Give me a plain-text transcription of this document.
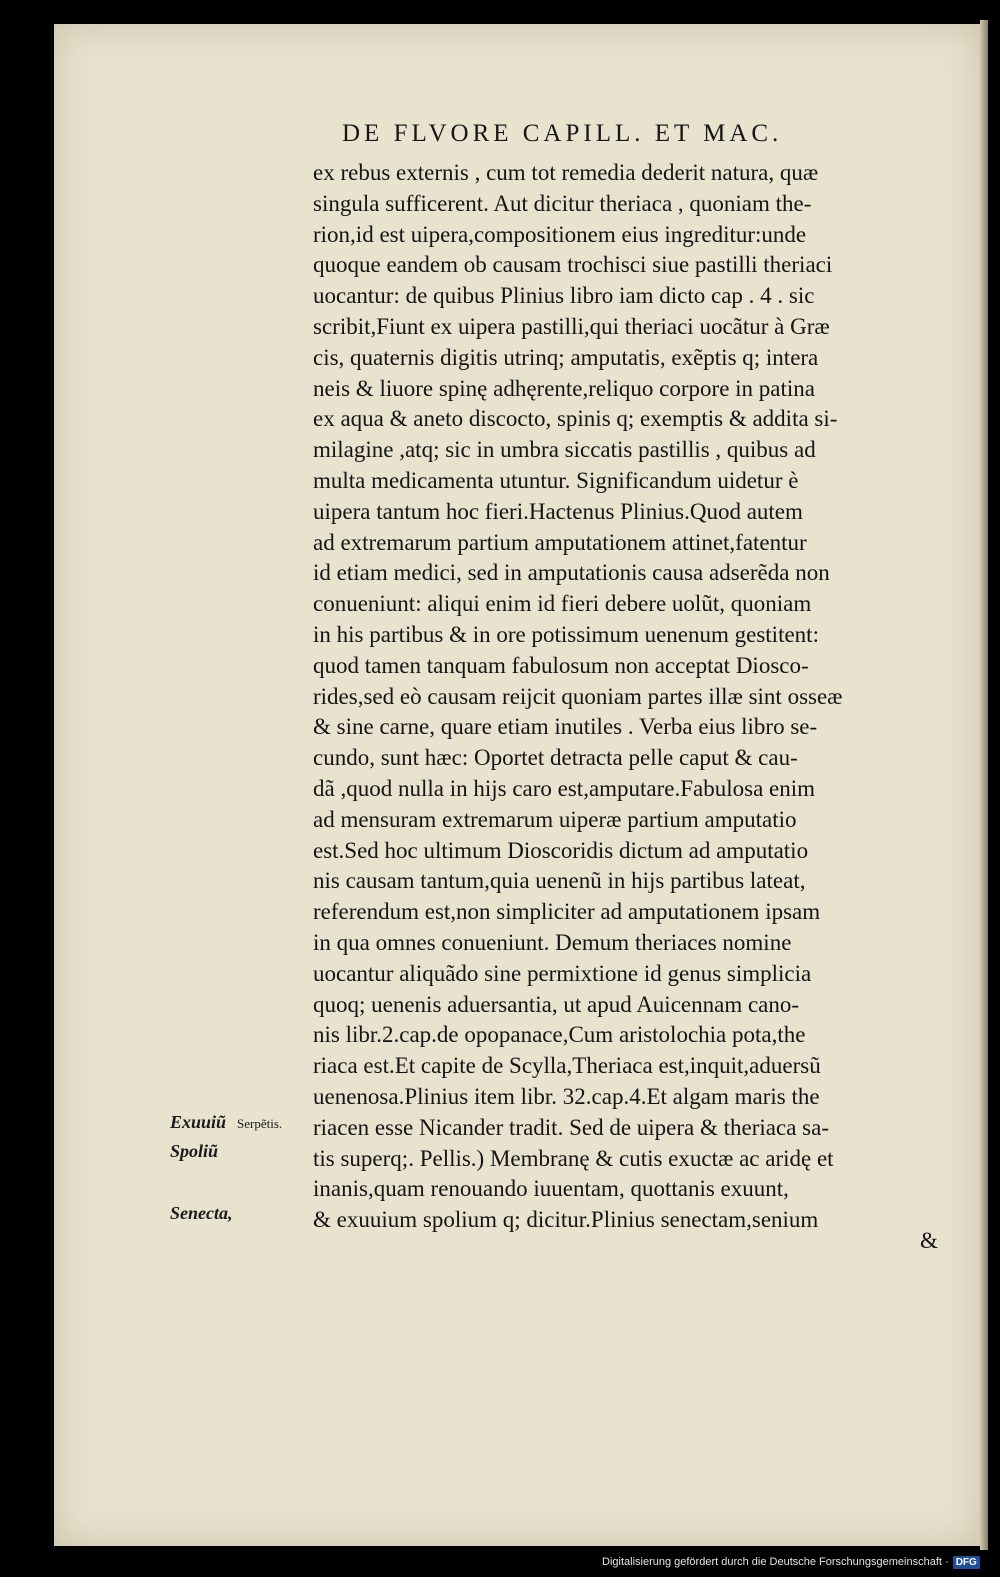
DE FLVORE CAPILL. ET MAC.
ex rebus externis , cum tot remedia dederit natura, quæ
singula sufficerent. Aut dicitur theriaca , quoniam the-
rion,id est uipera,compositionem eius ingreditur:unde
quoque eandem ob causam trochisci siue pastilli theriaci
uocantur: de quibus Plinius libro iam dicto cap . 4 . sic
scribit,Fiunt ex uipera pastilli,qui theriaci uocãtur à Græ
cis, quaternis digitis utrinq; amputatis, exẽptis q; intera
neis & liuore spinę adhęrente,reliquo corpore in patina
ex aqua & aneto discocto, spinis q; exemptis & addita si-
milagine ,atq; sic in umbra siccatis pastillis , quibus ad
multa medicamenta utuntur. Significandum uidetur è
uipera tantum hoc fieri.Hactenus Plinius.Quod autem
ad extremarum partium amputationem attinet,fatentur
id etiam medici, sed in amputationis causa adserẽda non
conueniunt: aliqui enim id fieri debere uolũt, quoniam
in his partibus & in ore potissimum uenenum gestitent:
quod tamen tanquam fabulosum non acceptat Diosco-
rides,sed eò causam reijcit quoniam partes illæ sint osseæ
& sine carne, quare etiam inutiles . Verba eius libro se-
cundo, sunt hæc: Oportet detracta pelle caput & cau-
dã ,quod nulla in hijs caro est,amputare.Fabulosa enim
ad mensuram extremarum uiperæ partium amputatio
est.Sed hoc ultimum Dioscoridis dictum ad amputatio
nis causam tantum,quia uenenũ in hijs partibus lateat,
referendum est,non simpliciter ad amputationem ipsam
in qua omnes conueniunt. Demum theriaces nomine
uocantur aliquãdo sine permixtione id genus simplicia
quoq; uenenis aduersantia, ut apud Auicennam cano-
nis libr.2.cap.de opopanace,Cum aristolochia pota,the
riaca est.Et capite de Scylla,Theriaca est,inquit,aduersũ
uenenosa.Plinius item libr. 32.cap.4.Et algam maris the
riacen esse Nicander tradit. Sed de uipera & theriaca sa-
tis superq;. Pellis.) Membranę & cutis exuctæ ac aridę et
inanis,quam renouando iuuentam, quottanis exuunt,
& exuuium spolium q; dicitur.Plinius senectam,senium
&
Exuuiũ Serpẽtis.
Spoliũ
Senecta,
Digitalisierung gefördert durch die Deutsche Forschungsgemeinschaft · DFG
